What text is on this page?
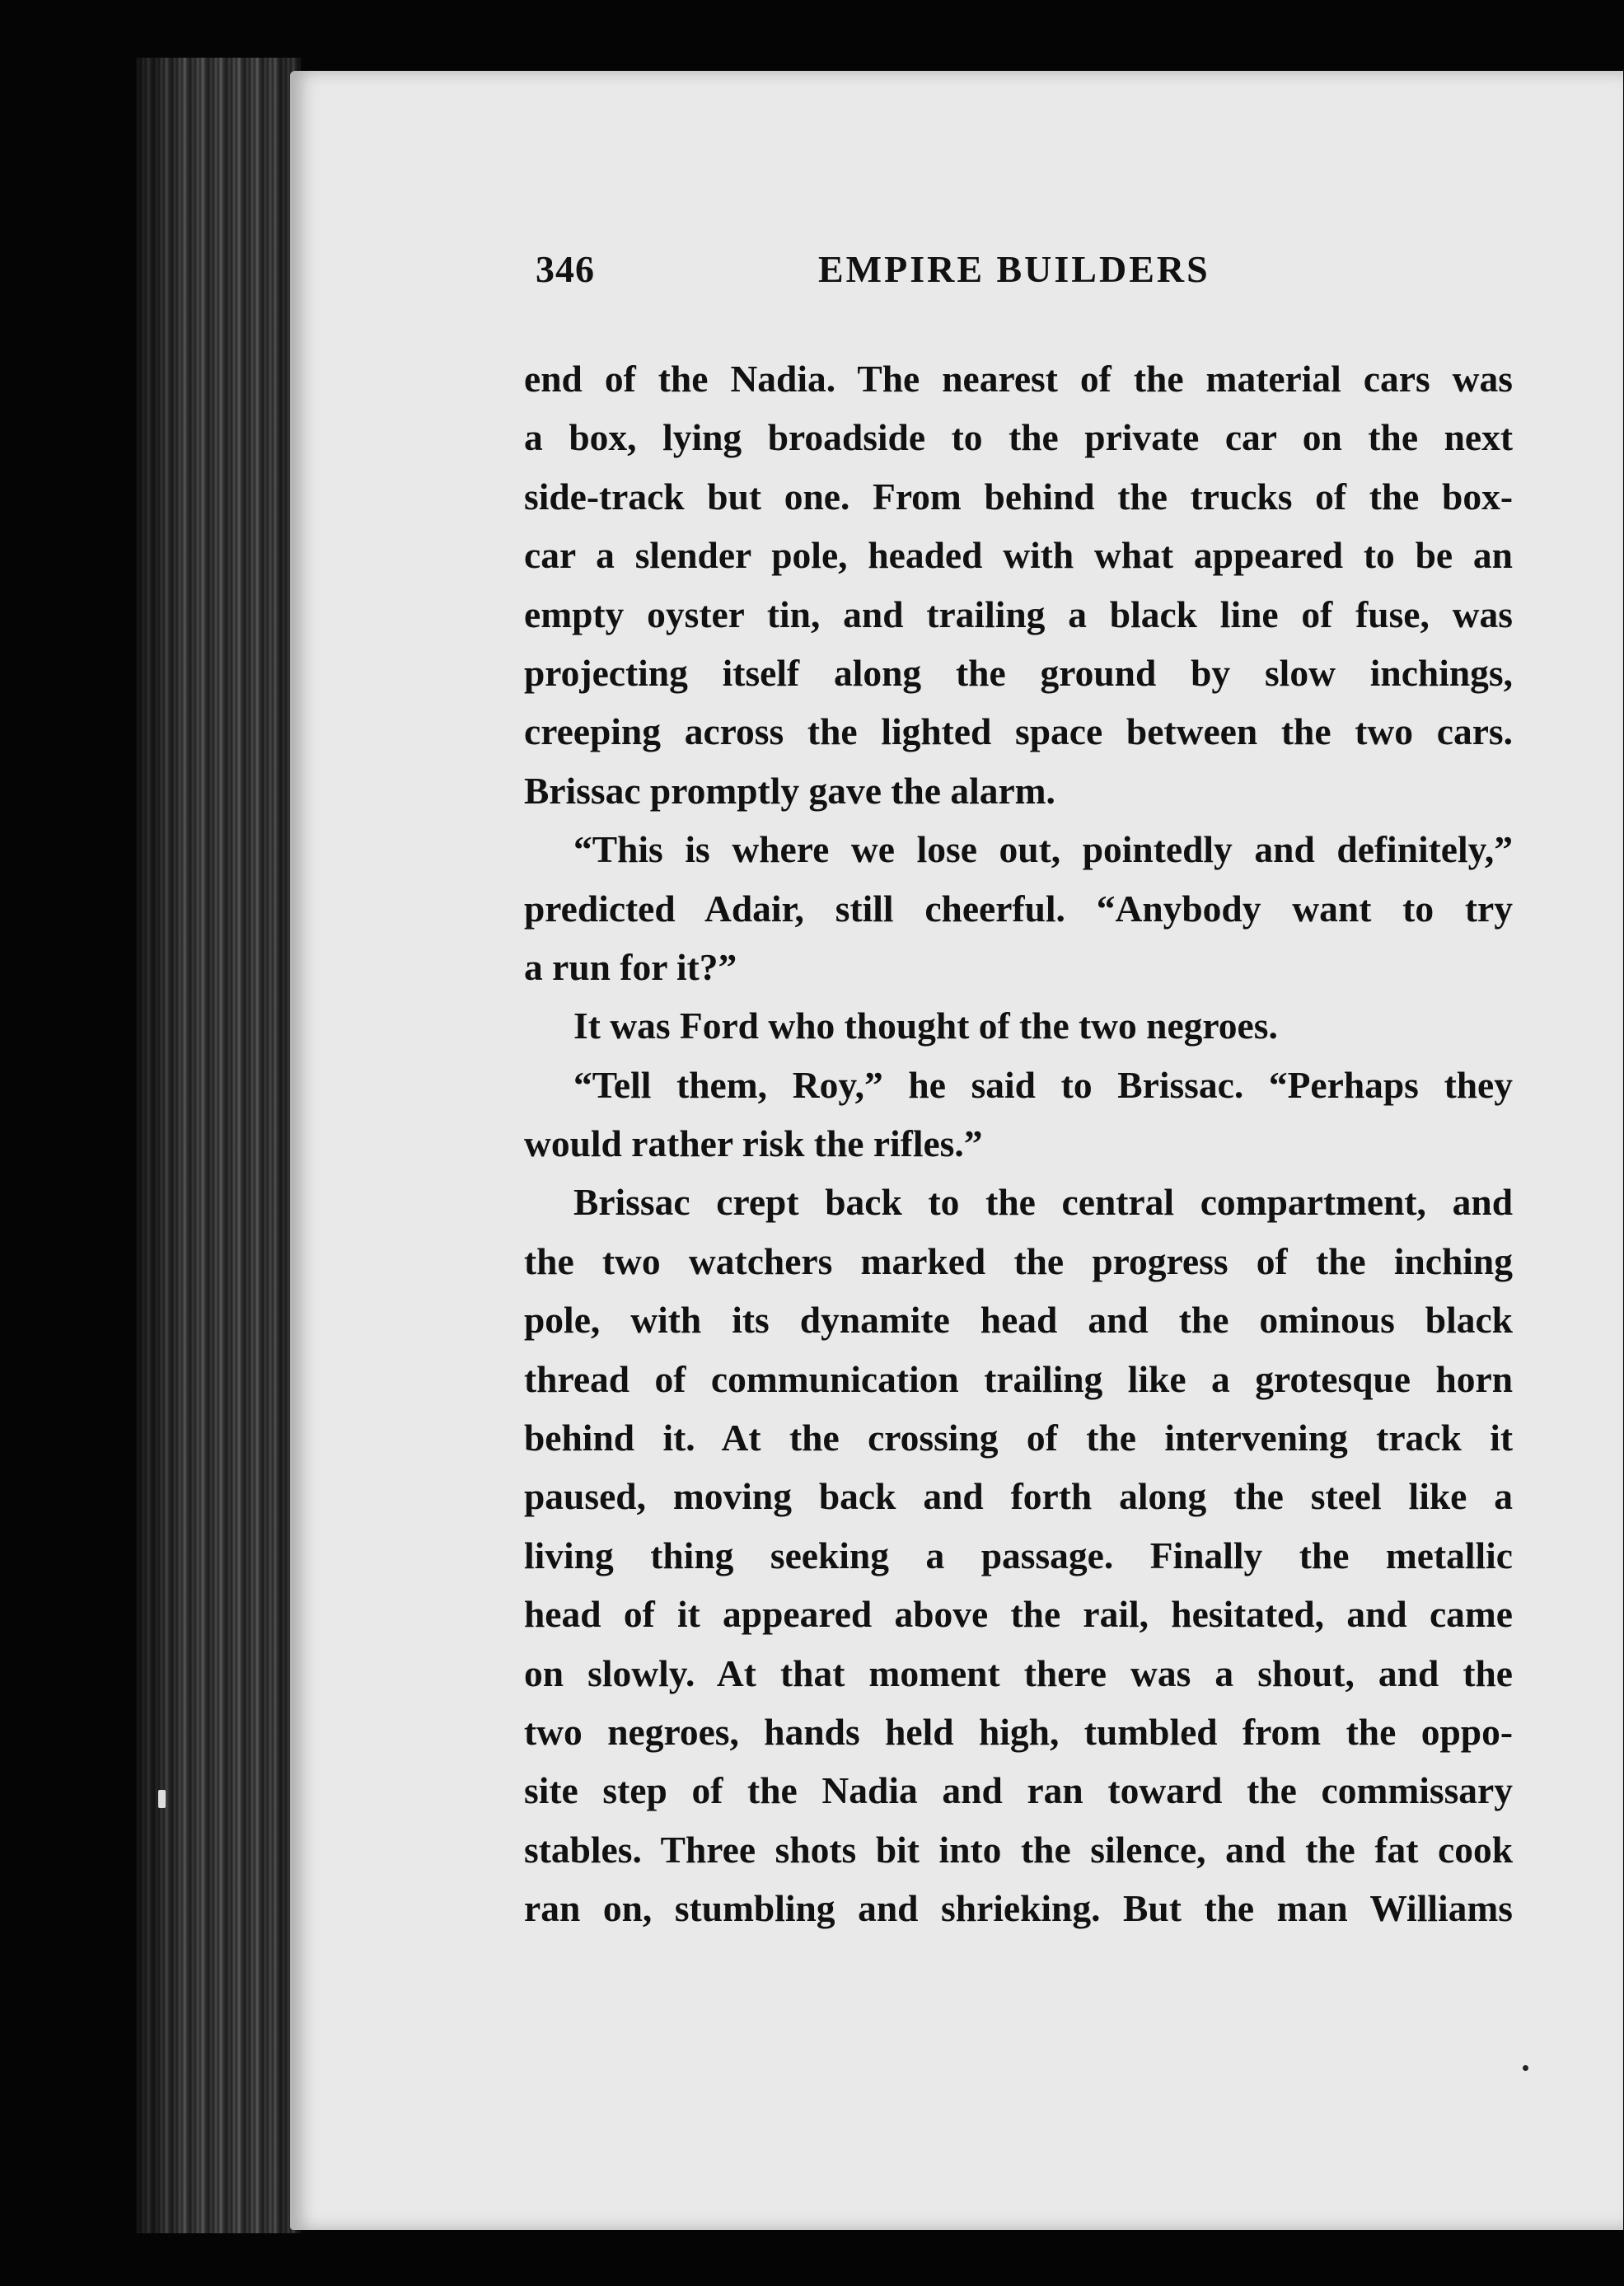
346	EMPIRE BUILDERS
end of the Nadia. The nearest of the material cars was
a box, lying broadside to the private car on the next
side-track but one. From behind the trucks of the box-
car a slender pole, headed with what appeared to be an
empty oyster tin, and trailing a black line of fuse, was
projecting itself along the ground by slow inchings,
creeping across the lighted space between the two cars.
Brissac promptly gave the alarm.
“This is where we lose out, pointedly and definitely,”
predicted Adair, still cheerful. “Anybody want to try
a run for it?”
It was Ford who thought of the two negroes.
“Tell them, Roy,” he said to Brissac. “Perhaps they
would rather risk the rifles.”
Brissac crept back to the central compartment, and
the two watchers marked the progress of the inching
pole, with its dynamite head and the ominous black
thread of communication trailing like a grotesque horn
behind it. At the crossing of the intervening track it
paused, moving back and forth along the steel like a
living thing seeking a passage. Finally the metallic
head of it appeared above the rail, hesitated, and came
on slowly. At that moment there was a shout, and the
two negroes, hands held high, tumbled from the oppo-
site step of the Nadia and ran toward the commissary
stables. Three shots bit into the silence, and the fat cook
ran on, stumbling and shrieking. But the man Williams
